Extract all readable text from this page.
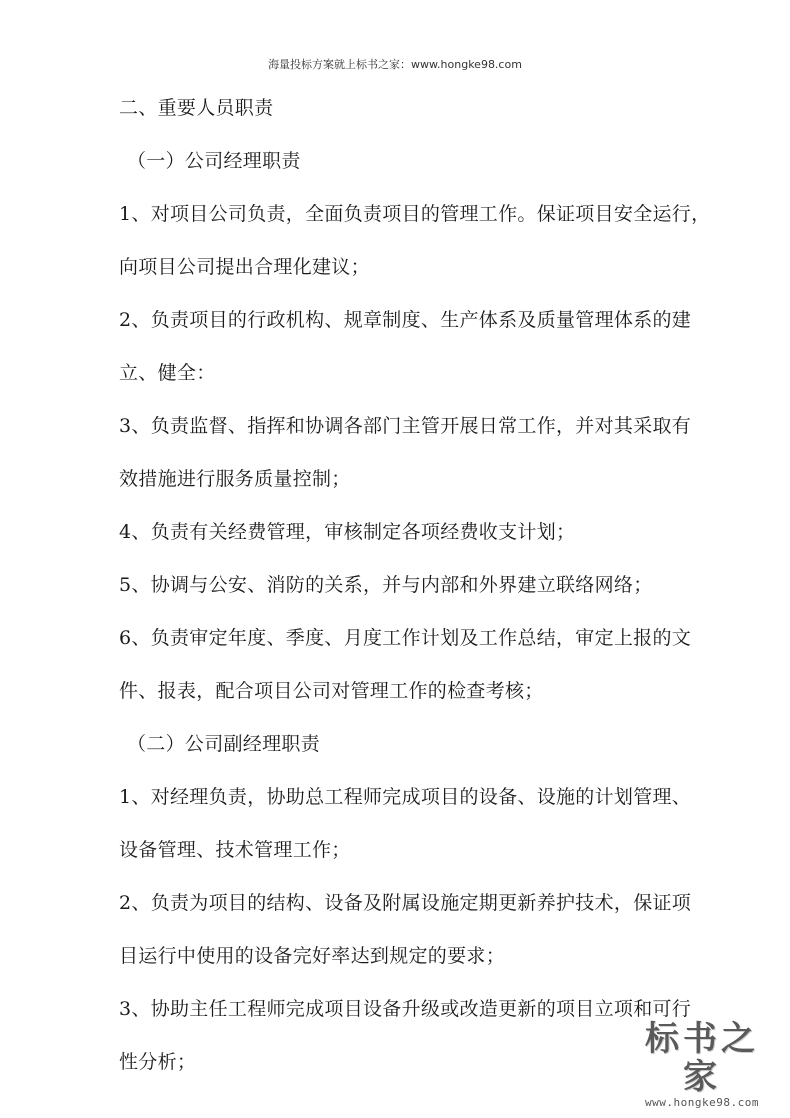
海量投标方案就上标书之家：www.hongke98.com
二、重要人员职责
（一）公司经理职责
1、对项目公司负责，全面负责项目的管理工作。保证项目安全运行，
向项目公司提出合理化建议；
2、负责项目的行政机构、规章制度、生产体系及质量管理体系的建
立、健全：
3、负责监督、指挥和协调各部门主管开展日常工作，并对其采取有
效措施进行服务质量控制；
4、负责有关经费管理，审核制定各项经费收支计划；
5、协调与公安、消防的关系，并与内部和外界建立联络网络；
6、负责审定年度、季度、月度工作计划及工作总结，审定上报的文
件、报表，配合项目公司对管理工作的检查考核；
（二）公司副经理职责
1、对经理负责，协助总工程师完成项目的设备、设施的计划管理、
设备管理、技术管理工作；
2、负责为项目的结构、设备及附属设施定期更新养护技术，保证项
目运行中使用的设备完好率达到规定的要求；
3、协助主任工程师完成项目设备升级或改造更新的项目立项和可行
性分析；
标书之家
www.hongke98.com
